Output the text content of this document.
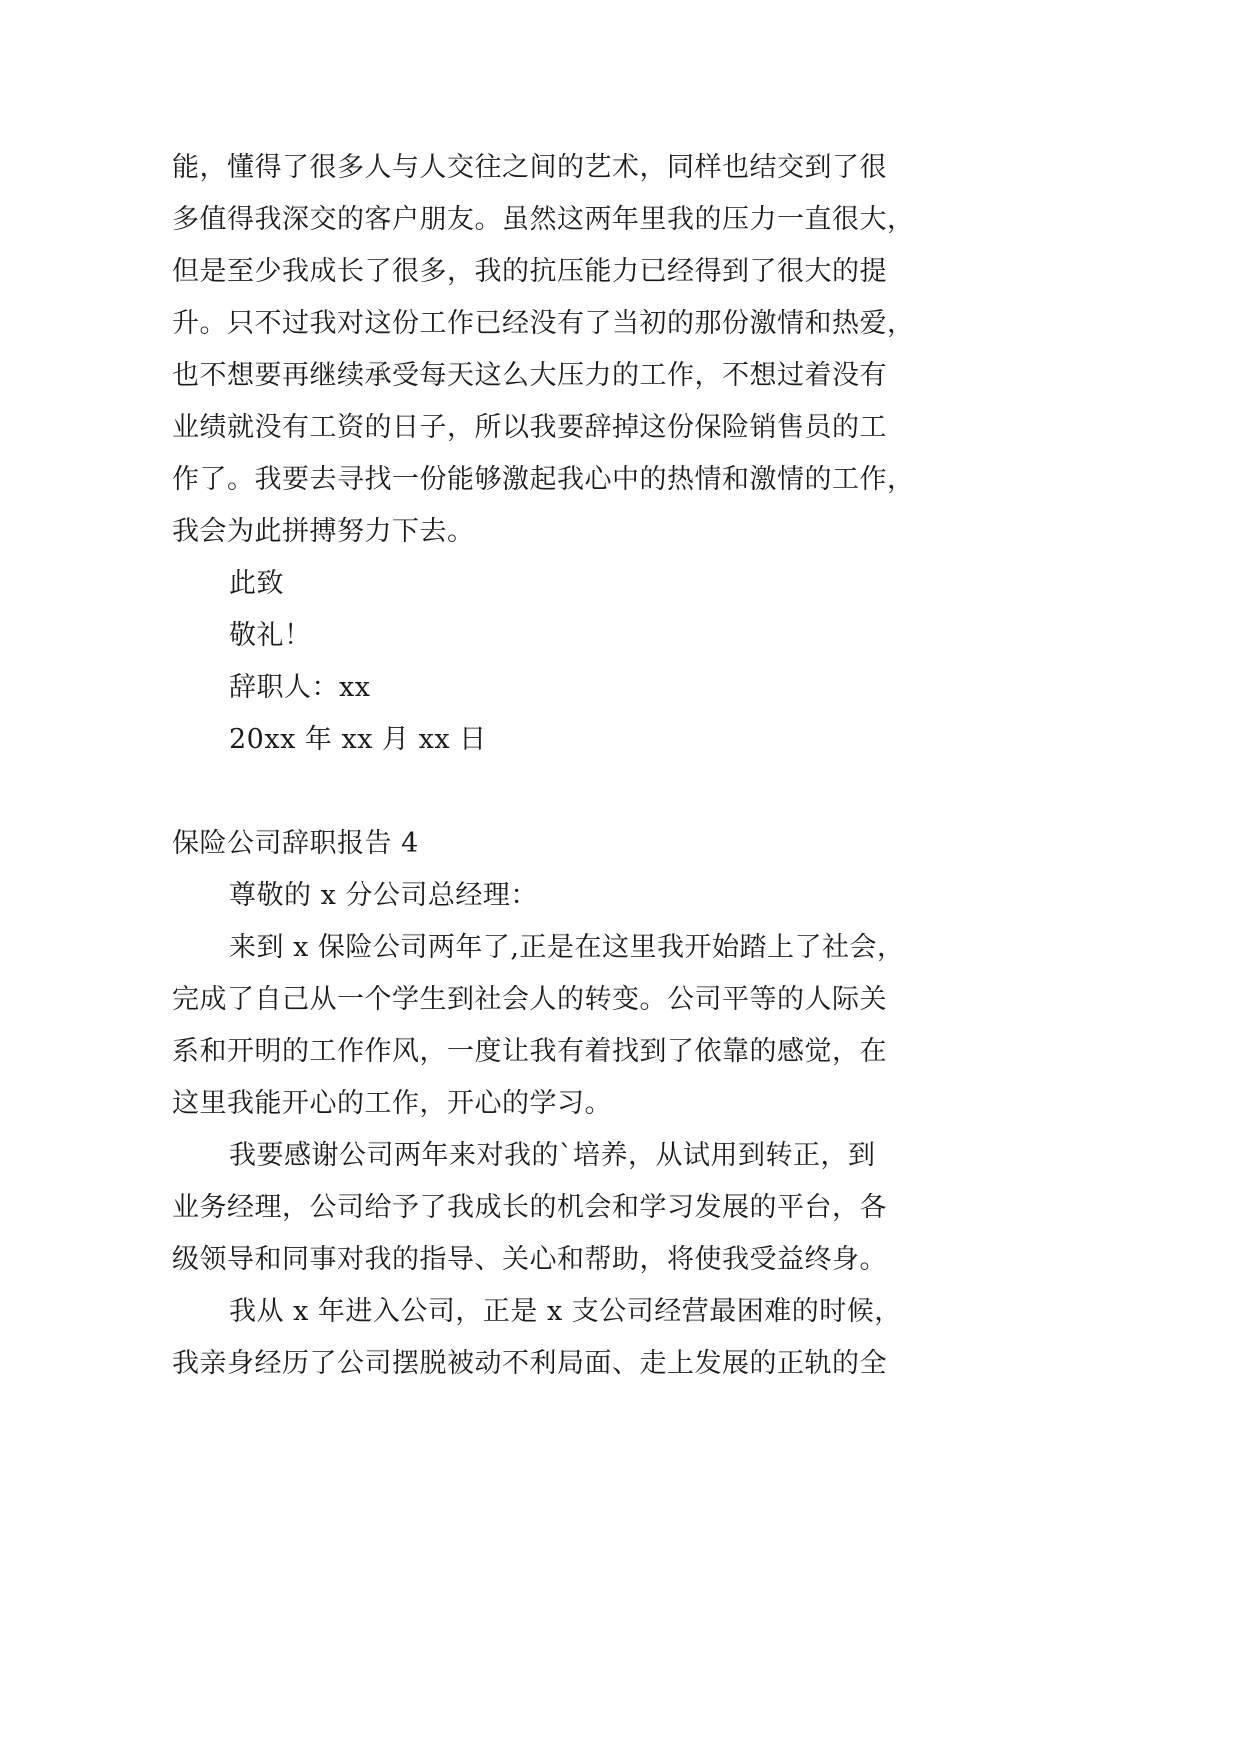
能，懂得了很多人与人交往之间的艺术，同样也结交到了很
多值得我深交的客户朋友。虽然这两年里我的压力一直很大，
但是至少我成长了很多，我的抗压能力已经得到了很大的提
升。只不过我对这份工作已经没有了当初的那份激情和热爱，
也不想要再继续承受每天这么大压力的工作，不想过着没有
业绩就没有工资的日子，所以我要辞掉这份保险销售员的工
作了。我要去寻找一份能够激起我心中的热情和激情的工作，
我会为此拼搏努力下去。
此致
敬礼！
辞职人：xx
20xx 年 xx 月 xx 日
保险公司辞职报告 4
尊敬的 x 分公司总经理：
来到 x 保险公司两年了,正是在这里我开始踏上了社会，
完成了自己从一个学生到社会人的转变。公司平等的人际关
系和开明的工作作风，一度让我有着找到了依靠的感觉，在
这里我能开心的工作，开心的学习。
我要感谢公司两年来对我的`培养，从试用到转正，到
业务经理，公司给予了我成长的机会和学习发展的平台，各
级领导和同事对我的指导、关心和帮助，将使我受益终身。
我从 x 年进入公司，正是 x 支公司经营最困难的时候，
我亲身经历了公司摆脱被动不利局面、走上发展的正轨的全
